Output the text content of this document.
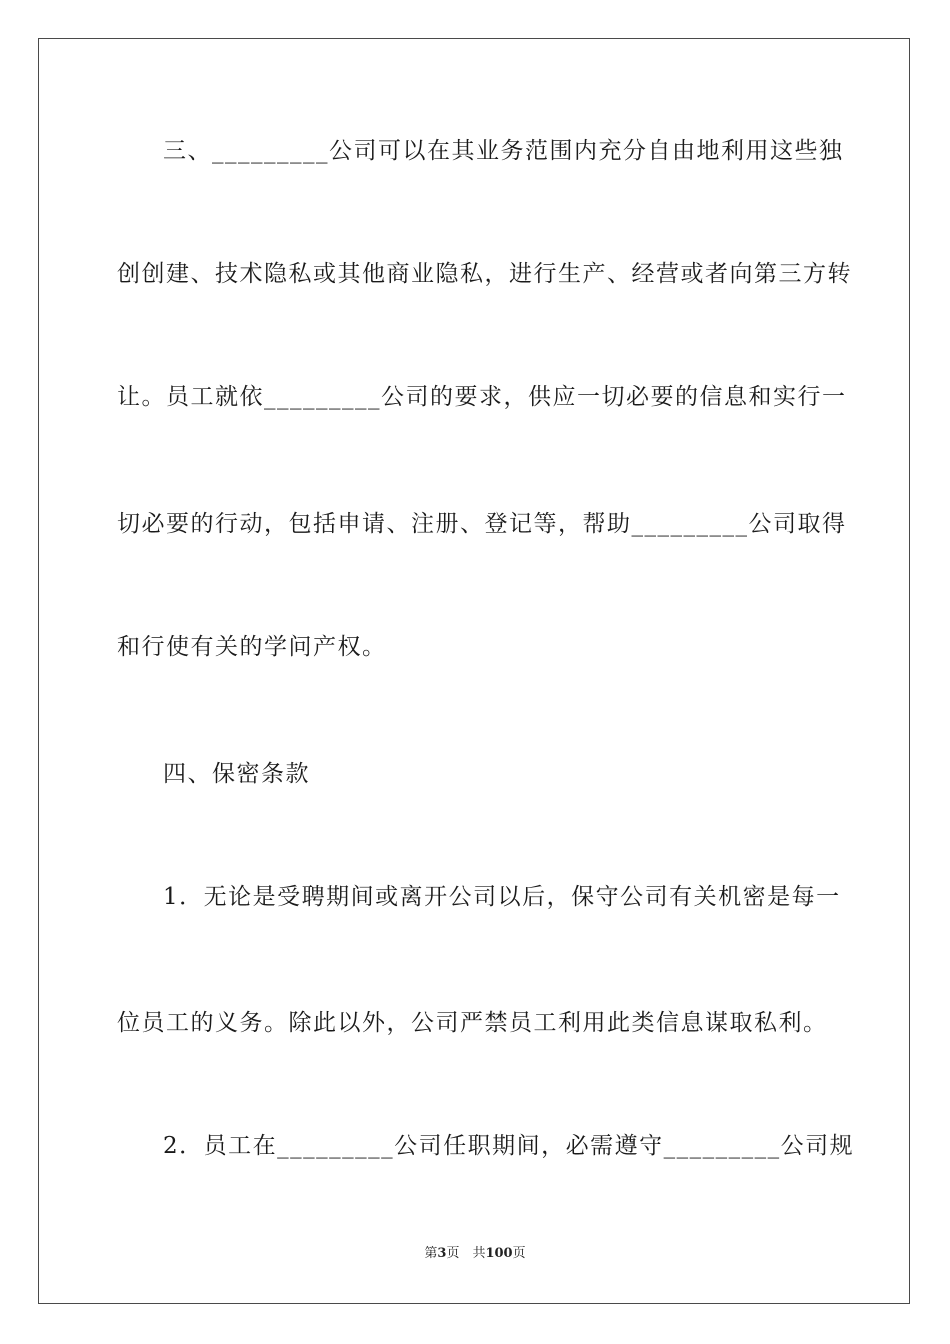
三、_________公司可以在其业务范围内充分自由地利用这些独
创创建、技术隐私或其他商业隐私，进行生产、经营或者向第三方转
让。员工就依_________公司的要求，供应一切必要的信息和实行一
切必要的行动，包括申请、注册、登记等，帮助_________公司取得
和行使有关的学问产权。
四、保密条款
1．无论是受聘期间或离开公司以后，保守公司有关机密是每一
位员工的义务。除此以外，公司严禁员工利用此类信息谋取私利。
2．员工在_________公司任职期间，必需遵守_________公司规
第3页　共100页
